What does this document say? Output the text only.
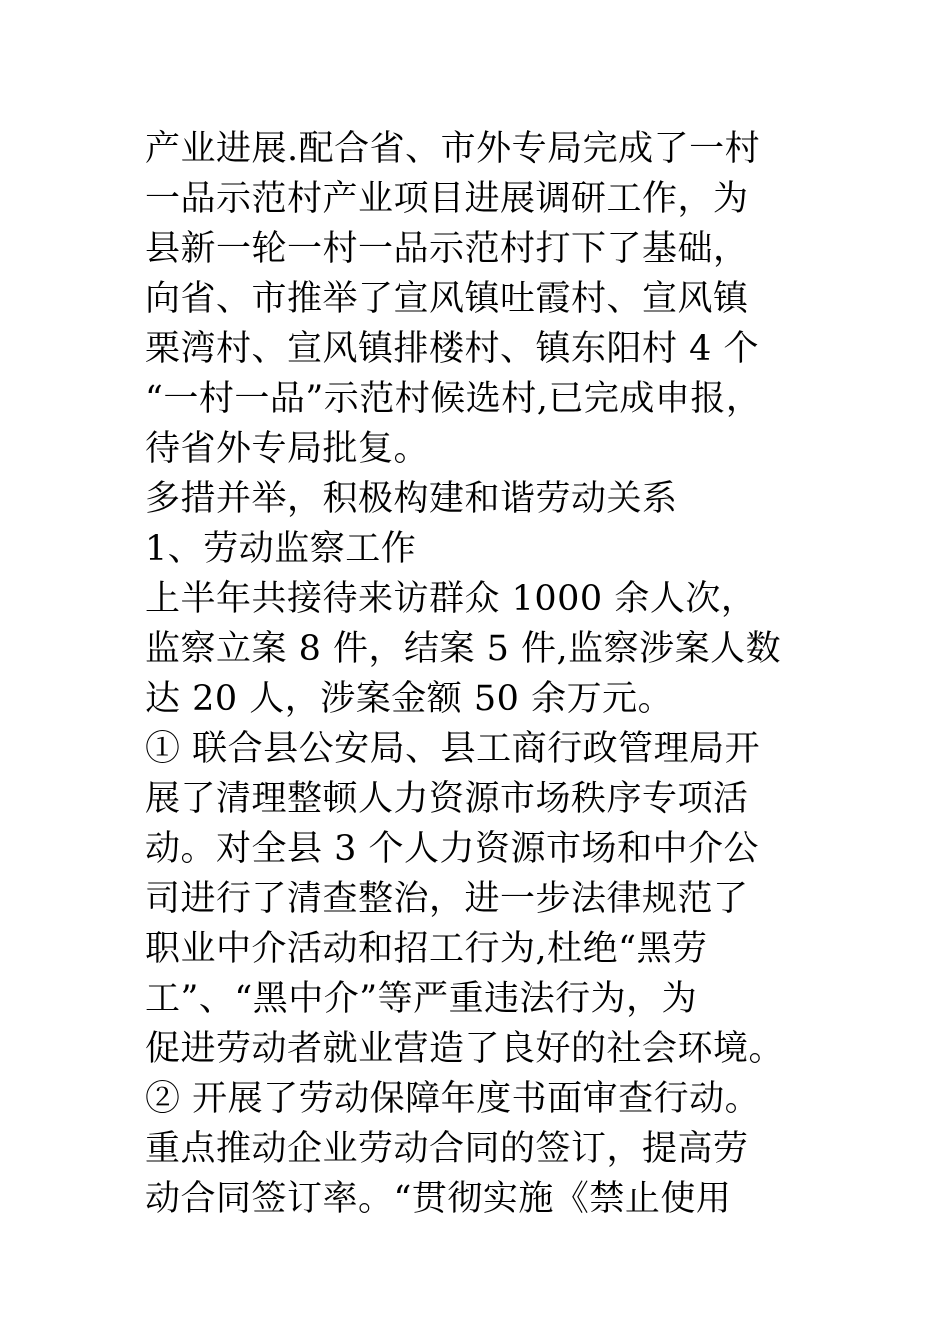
产业进展.配合省、市外专局完成了一村
一品示范村产业项目进展调研工作，为
县新一轮一村一品示范村打下了基础，
向省、市推举了宣风镇吐霞村、宣风镇
栗湾村、宣风镇排楼村、镇东阳村 4 个
“一村一品”示范村候选村,已完成申报，
待省外专局批复。
多措并举，积极构建和谐劳动关系
1、劳动监察工作
上半年共接待来访群众 1000 余人次，
监察立案 8 件，结案 5 件,监察涉案人数
达 20 人，涉案金额 50 余万元。
① 联合县公安局、县工商行政管理局开
展了清理整顿人力资源市场秩序专项活
动。对全县 3 个人力资源市场和中介公
司进行了清查整治，进一步法律规范了
职业中介活动和招工行为,杜绝“黑劳
工”、“黑中介”等严重违法行为，为
促进劳动者就业营造了良好的社会环境。
② 开展了劳动保障年度书面审查行动。
重点推动企业劳动合同的签订，提高劳
动合同签订率。“贯彻实施《禁止使用
